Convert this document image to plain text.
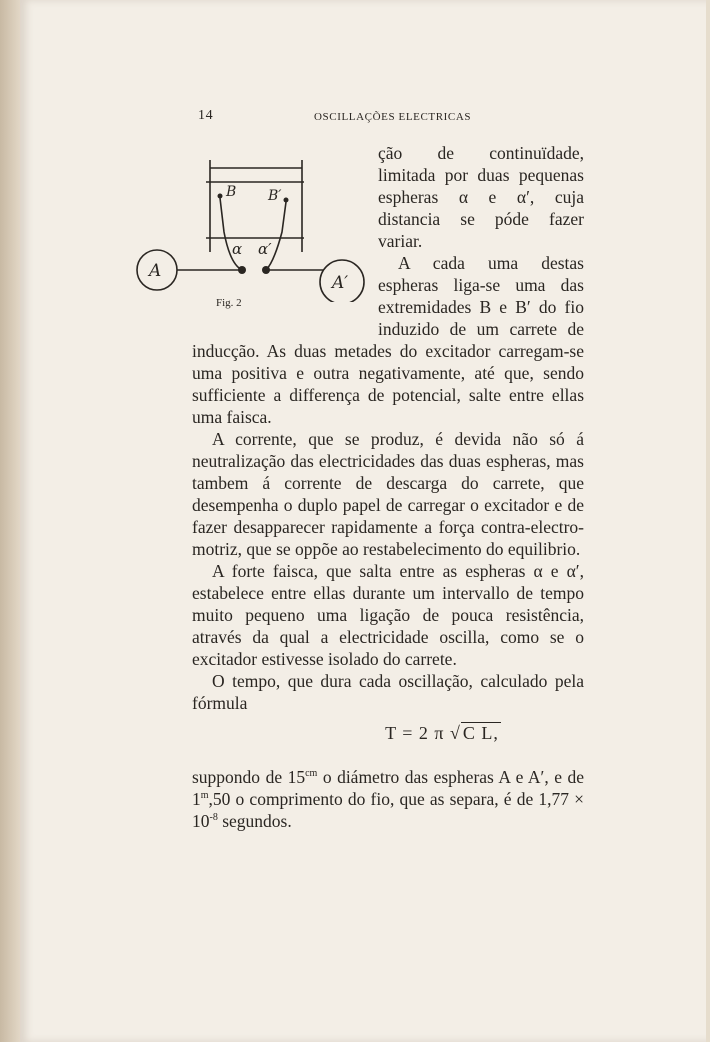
14	OSCILLAÇÕES ELECTRICAS
A
A′
B B′
α α′
Fig. 2

ção de continuïdade, limitada por duas pequenas espheras α e α′, cuja distancia se póde fazer variar.

A cada uma destas espheras liga-se uma das extremidades B e B′ do fio induzido de um carrete de inducção. As duas metades do excitador carregam-se uma positiva e outra negativamente, até que, sendo sufficiente a differença de potencial, salte entre ellas uma faisca.

A corrente, que se produz, é devida não só á neutralização das electricidades das duas espheras, mas tambem á corrente de descarga do carrete, que desempenha o duplo papel de carregar o excitador e de fazer desapparecer rapidamente a força contra-electro-motriz, que se oppõe ao restabelecimento do equilibrio.

A forte faisca, que salta entre as espheras α e α′, estabelece entre ellas durante um intervallo de tempo muito pequeno uma ligação de pouca resistência, através da qual a electricidade oscilla, como se o excitador estivesse isolado do carrete.

O tempo, que dura cada oscillação, calculado pela fórmula

T = 2 π √ C L,

suppondo de $15^{cm}$ o diámetro das espheras A e A′, e de 1$^m$,50 o comprimento do fio, que as separa, é de $1,77 \times 10^{-8}$ segundos.
